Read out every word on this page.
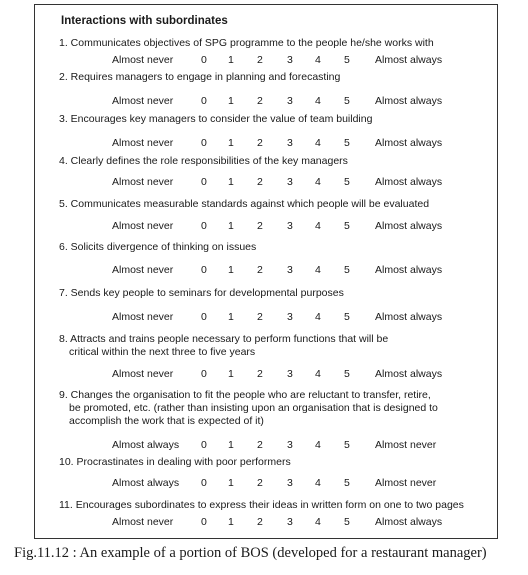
Interactions with subordinates
1. Communicates objectives of SPG programme to the people he/she works with
Almost never	0 1 2 3 4 5 Almost always
2. Requires managers to engage in planning and forecasting
Almost never	0 1 2 3 4 5 Almost always
3. Encourages key managers to consider the value of team building
Almost never	0 1 2 3 4 5 Almost always
4. Clearly defines the role responsibilities of the key managers
Almost never	0 1 2 3 4 5 Almost always
5. Communicates measurable standards against which people will be evaluated
Almost never	0 1 2 3 4 5 Almost always
6. Solicits divergence of thinking on issues
Almost never	0 1 2 3 4 5 Almost always
7. Sends key people to seminars for developmental purposes
Almost never	0 1 2 3 4 5 Almost always
8. Attracts and trains people necessary to perform functions that will be
critical within the next three to five years
Almost never	0 1 2 3 4 5 Almost always
9. Changes the organisation to fit the people who are reluctant to transfer, retire,
be promoted, etc. (rather than insisting upon an organisation that is designed to
accomplish the work that is expected of it)
Almost always 0 1 2 3 4 5 Almost never
10. Procrastinates in dealing with poor performers
Almost always 0 1 2 3 4 5 Almost never
11. Encourages subordinates to express their ideas in written form on one to two pages
Almost never	0 1 2 3 4 5 Almost always
Fig.11.12 : An example of a portion of BOS (developed for a restaurant manager)
